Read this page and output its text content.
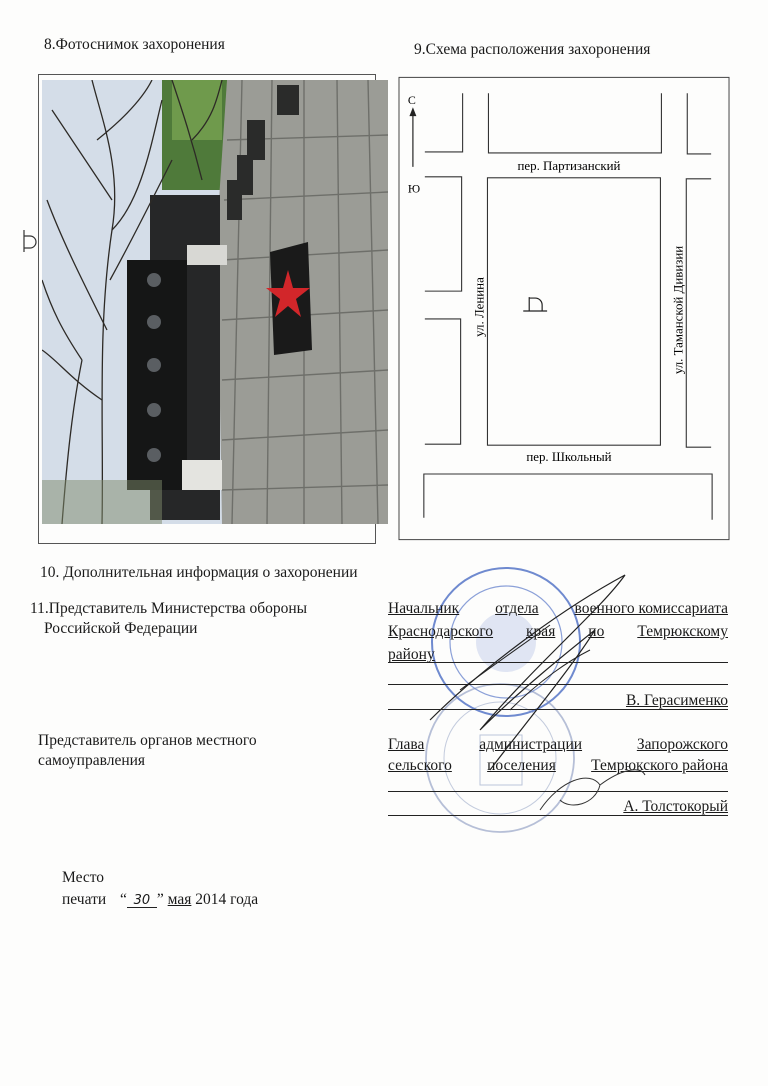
8.Фотоснимок захоронения	9.Схема расположения захоронения
С
Ю
пер. Партизанский
пер. Школьный
ул. Ленина	ул. Таманской Дивизии
10. Дополнительная информация о захоронении
11.Представитель Министерства обороны
Российской Федерации
Начальник отдела военного комиссариата
Краснодарского края по Темрюкскому
району
В. Герасименко
Представитель органов местного
самоуправления
Глава	администрации	Запорожского
сельского поселения Темрюкского района
А. Толстокорый
Место
печати “ 30 ” мая 2014 года
